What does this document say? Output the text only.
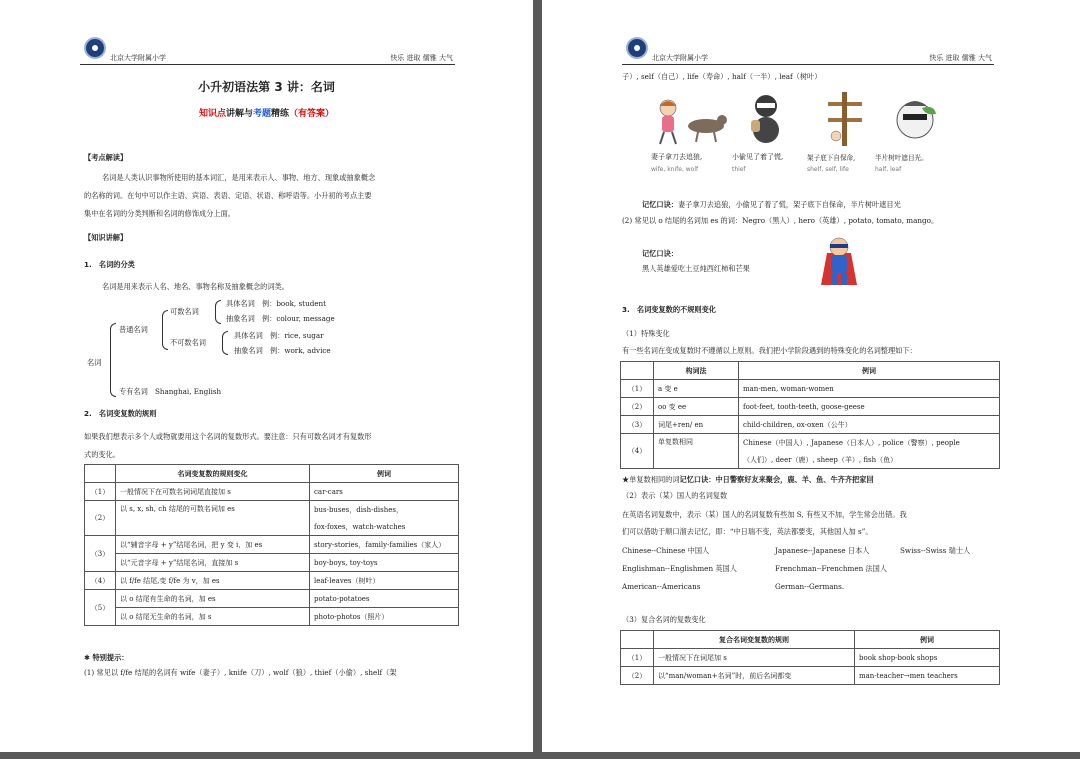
北京大学附属小学	快乐 进取 儒雅 大气
小升初语法第 3 讲：名词
知识点讲解与考题精练（有答案）
【考点解读】
名词是人类认识事物所使用的基本词汇，是用来表示人、事物、地方、现象或抽象概念
的名称的词。在句中可以作主语、宾语、表语、定语、状语、称呼语等。小升初的考点主要
集中在名词的分类判断和名词的修饰成分上面。
【知识讲解】
1.　名词的分类
名词是用来表示人名、地名、事物名称及抽象概念的词类。
名词
普通名词
可数名词
不可数名词
具体名词　例：book, student
抽象名词　例：colour, message
具体名词　例：rice, sugar
抽象名词　例：work, advice
专有名词　Shanghai, English
2.　名词变复数的规则
如果我们想表示多个人或物就要用这个名词的复数形式。要注意：只有可数名词才有复数形
式的变化。
	名词变复数的规则变化	例词
（1）	一般情况下在可数名词词尾直接加 s	car-cars
（2）	以 s, x, sh, ch 结尾的可数名词加 es	bus-buses，dish-dishes，
		fox-foxes，watch-watches
（3）	以“辅音字母 + y”结尾名词，把 y 变 i，加 es	story-stories，family-families（家人）
	以“元音字母 + y”结尾名词，直接加 s	boy-boys, toy-toys
（4）	以 f/fe 结尾,变 f/fe 为 v，加 es	leaf-leaves（树叶）
（5）	以 o 结尾有生命的名词，加 es	potato-potatoes
	以 o 结尾无生命的名词，加 s	photo-photos（照片）
✱ 特别提示：
(1) 常见以 f/fe 结尾的名词有 wife（妻子）, knife（刀）, wolf（狼）, thief（小偷）, shelf（架
北京大学附属小学	快乐 进取 儒雅 大气
子）, self（自己）, life（寿命）, half（一半）, leaf（树叶）
妻子拿刀去追狼,
wife, knife, wolf
小偷见了着了慌,
thief
架子底下自保命,
shelf, self, life
半片树叶遮目光。
half, leaf
记忆口诀：妻子拿刀去追狼，小偷见了着了慌，架子底下自保命，半片树叶遮目光
(2) 常见以 o 结尾的名词加 es 的词：Negro（黑人）, hero（英雄）, potato, tomato, mango。
记忆口诀：
黑人英雄爱吃土豆炖西红柿和芒果
3.　名词变复数的不规则变化
（1）特殊变化
有一些名词在变成复数时不遵循以上原则。我们把小学阶段遇到的特殊变化的名词整理如下：
	构词法	例词
（1）	a 变 e	man-men, woman-women
（2）	oo 变 ee	foot-feet, tooth-teeth, goose-geese
（3）	词尾+ren/ en	child-children, ox-oxen（公牛）
（4）	单复数相同	Chinese（中国人）, Japanese（日本人）, police（警察）, people
		（人们）, deer（鹿）, sheep（羊）, fish（鱼）
★单复数相同的词记忆口诀：中日警察好友来聚会，鹿、羊、鱼、牛齐齐把家回
（2）表示（某）国人的名词复数
在英语名词复数中，表示（某）国人的名词复数有些加 S, 有些又不加，学生常会出错。我
们可以借助于顺口溜去记忆，即：“中日瑞不变，英法都要变，其他国人加 s”。
Chinese--Chinese 中国人	Japanese--Japanese 日本人	Swiss--Swiss 瑞士人
Englishman--Englishmen 英国人	Frenchman--Frenchmen 法国人
American--Americans	German--Germans.
（3）复合名词的复数变化
	复合名词变复数的规则	例词
（1）	一般情况下在词尾加 s	book shop-book shops
（2）	以“man/woman+名词”时，前后名词都变	man-teacher→men teachers
